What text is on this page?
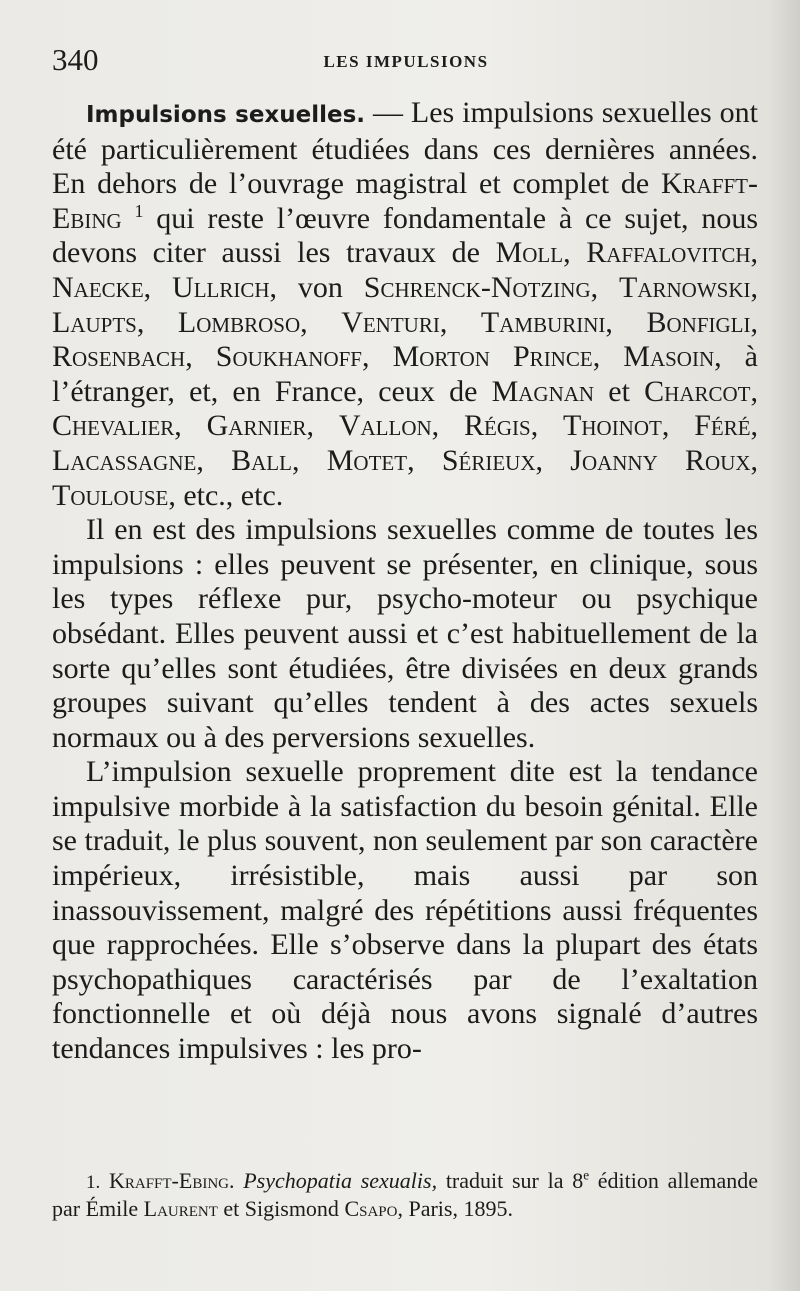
340	LES IMPULSIONS

Impulsions sexuelles. — Les impulsions sexuelles ont été particulièrement étudiées dans ces dernières années. En dehors de l’ouvrage magistral et complet de Krafft-Ebing $^1$ qui reste l’œuvre fondamentale à ce sujet, nous devons citer aussi les travaux de Moll, Raffalovitch, Naecke, Ullrich, von Schrenck-Notzing, Tarnowski, Laupts, Lombroso, Venturi, Tamburini, Bonfigli, Rosenbach, Soukhanoff, Morton Prince, Masoin, à l’étranger, et, en France, ceux de Magnan et Charcot, Chevalier, Garnier, Vallon, Régis, Thoinot, Féré, Lacassagne, Ball, Motet, Sérieux, Joanny Roux, Toulouse, etc., etc.

Il en est des impulsions sexuelles comme de toutes les impulsions : elles peuvent se présenter, en clinique, sous les types réflexe pur, psycho-moteur ou psychique obsédant. Elles peuvent aussi et c’est habituellement de la sorte qu’elles sont étudiées, être divisées en deux grands groupes suivant qu’elles tendent à des actes sexuels normaux ou à des perversions sexuelles.

L’impulsion sexuelle proprement dite est la tendance impulsive morbide à la satisfaction du besoin génital. Elle se traduit, le plus souvent, non seulement par son caractère impérieux, irrésistible, mais aussi par son inassouvissement, malgré des répétitions aussi fréquentes que rapprochées. Elle s’observe dans la plupart des états psychopathiques caractérisés par de l’exaltation fonctionnelle et où déjà nous avons signalé d’autres tendances impulsives : les pro-

1. Krafft-Ebing. Psychopatia sexualis, traduit sur la 8e édition allemande par Émile Laurent et Sigismond Csapo, Paris, 1895.
